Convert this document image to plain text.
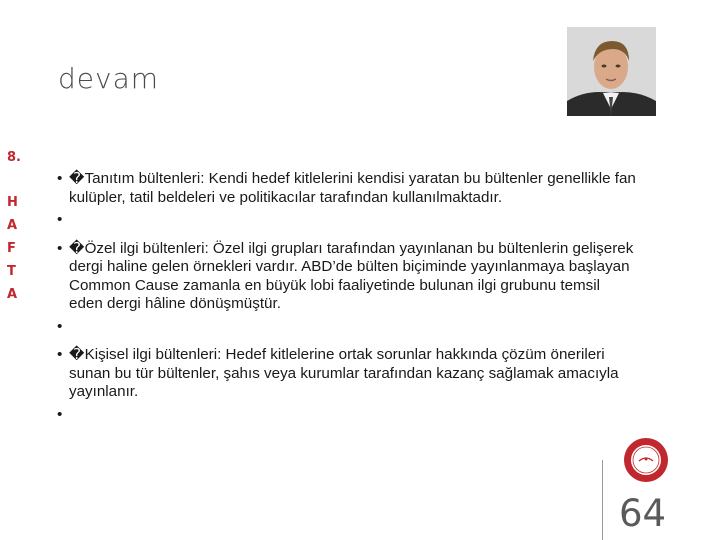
devam
8.
H
A
F
T
A
• �Tanıtım bültenleri: Kendi hedef kitlelerini kendisi yaratan bu bültenler genellikle fan kulüpler, tatil beldeleri ve politikacılar tarafından kullanılmaktadır.
•
• �Özel ilgi bültenleri: Özel ilgi grupları tarafından yayınlanan bu bültenlerin gelişerek dergi haline gelen örnekleri vardır. ABD’de bülten biçiminde yayınlanmaya başlayan Common Cause zamanla en büyük lobi faaliyetinde bulunan ilgi grubunu temsil eden dergi hâline dönüşmüştür.
•
• �Kişisel ilgi bültenleri: Hedef kitlelerine ortak sorunlar hakkında çözüm önerileri sunan bu tür bültenler, şahıs veya kurumlar tarafından kazanç sağlamak amacıyla yayınlanır.
•
64
